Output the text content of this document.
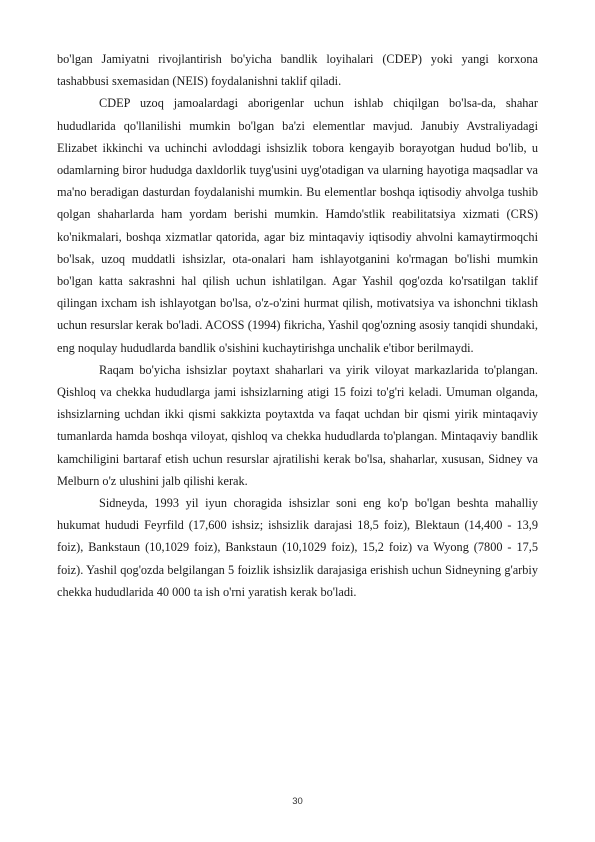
bo'lgan Jamiyatni rivojlantirish bo'yicha bandlik loyihalari (CDEP) yoki yangi korxona tashabbusi sxemasidan (NEIS) foydalanishni taklif qiladi.

CDEP uzoq jamoalardagi aborigenlar uchun ishlab chiqilgan bo'lsa-da, shahar hududlarida qo'llanilishi mumkin bo'lgan ba'zi elementlar mavjud. Janubiy Avstraliyadagi Elizabet ikkinchi va uchinchi avloddagi ishsizlik tobora kengayib borayotgan hudud bo'lib, u odamlarning biror hududga daxldorlik tuyg'usini uyg'otadigan va ularning hayotiga maqsadlar va ma'no beradigan dasturdan foydalanishi mumkin. Bu elementlar boshqa iqtisodiy ahvolga tushib qolgan shaharlarda ham yordam berishi mumkin. Hamdo'stlik reabilitatsiya xizmati (CRS) ko'nikmalari, boshqa xizmatlar qatorida, agar biz mintaqaviy iqtisodiy ahvolni kamaytirmoqchi bo'lsak, uzoq muddatli ishsizlar, ota-onalari ham ishlayotganini ko'rmagan bo'lishi mumkin bo'lgan katta sakrashni hal qilish uchun ishlatilgan. Agar Yashil qog'ozda ko'rsatilgan taklif qilingan ixcham ish ishlayotgan bo'lsa, o'z-o'zini hurmat qilish, motivatsiya va ishonchni tiklash uchun resurslar kerak bo'ladi. ACOSS (1994) fikricha, Yashil qog'ozning asosiy tanqidi shundaki, eng noqulay hududlarda bandlik o'sishini kuchaytirishga unchalik e'tibor berilmaydi.

Raqam bo'yicha ishsizlar poytaxt shaharlari va yirik viloyat markazlarida to'plangan. Qishloq va chekka hududlarga jami ishsizlarning atigi 15 foizi to'g'ri keladi. Umuman olganda, ishsizlarning uchdan ikki qismi sakkizta poytaxtda va faqat uchdan bir qismi yirik mintaqaviy tumanlarda hamda boshqa viloyat, qishloq va chekka hududlarda to'plangan. Mintaqaviy bandlik kamchiligini bartaraf etish uchun resurslar ajratilishi kerak bo'lsa, shaharlar, xususan, Sidney va Melburn o'z ulushini jalb qilishi kerak.

Sidneyda, 1993 yil iyun choragida ishsizlar soni eng ko'p bo'lgan beshta mahalliy hukumat hududi Feyrfild (17,600 ishsiz; ishsizlik darajasi 18,5 foiz), Blektaun (14,400 - 13,9 foiz), Bankstaun (10,1029 foiz), Bankstaun (10,1029 foiz), 15,2 foiz) va Wyong (7800 - 17,5 foiz). Yashil qog'ozda belgilangan 5 foizlik ishsizlik darajasiga erishish uchun Sidneyning g'arbiy chekka hududlarida 40 000 ta ish o'rni yaratish kerak bo'ladi.

30
